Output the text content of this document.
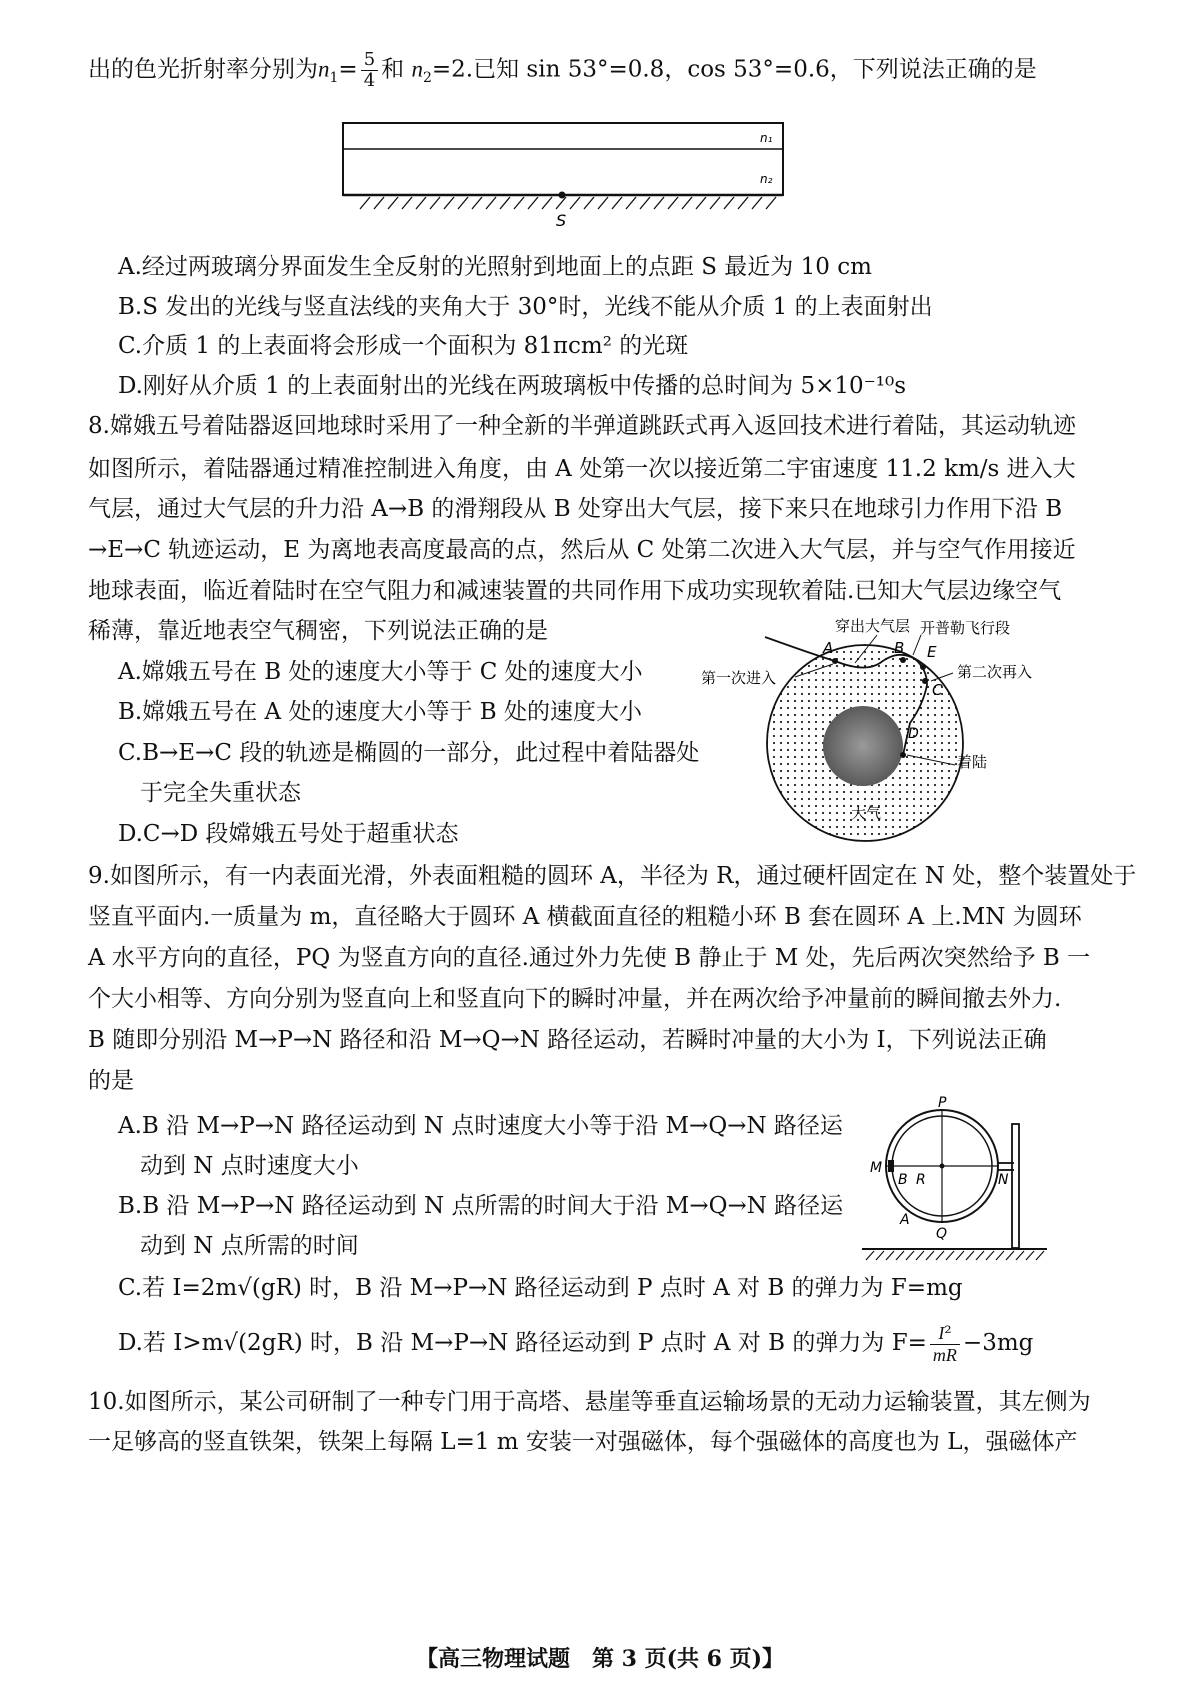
出的色光折射率分别为$n_1= \frac{5}{4}$ 和 $n_2=2$.已知 sin 53°=0.8，cos 53°=0.6，下列说法正确的是
n₁
n₂
S
A.经过两玻璃分界面发生全反射的光照射到地面上的点距 S 最近为 10 cm
B.S 发出的光线与竖直法线的夹角大于 30°时，光线不能从介质 1 的上表面射出
C.介质 1 的上表面将会形成一个面积为 81πcm² 的光斑
D.刚好从介质 1 的上表面射出的光线在两玻璃板中传播的总时间为 5×10⁻¹⁰s
8.嫦娥五号着陆器返回地球时采用了一种全新的半弹道跳跃式再入返回技术进行着陆，其运动轨迹
如图所示，着陆器通过精准控制进入角度，由 A 处第一次以接近第二宇宙速度 11.2 km/s 进入大
气层，通过大气层的升力沿 A→B 的滑翔段从 B 处穿出大气层，接下来只在地球引力作用下沿 B
→E→C 轨迹运动，E 为离地表高度最高的点，然后从 C 处第二次进入大气层，并与空气作用接近
地球表面，临近着陆时在空气阻力和减速装置的共同作用下成功实现软着陆.已知大气层边缘空气
稀薄，靠近地表空气稠密，下列说法正确的是
A.嫦娥五号在 B 处的速度大小等于 C 处的速度大小
B.嫦娥五号在 A 处的速度大小等于 B 处的速度大小
C.B→E→C 段的轨迹是椭圆的一部分，此过程中着陆器处
于完全失重状态
D.C→D 段嫦娥五号处于超重状态
穿出大气层 开普勒飞行段
第一次进入	第二次再入
着陆
大气
A	B E
C
D
9.如图所示，有一内表面光滑，外表面粗糙的圆环 A，半径为 R，通过硬杆固定在 N 处，整个装置处于
竖直平面内.一质量为 m，直径略大于圆环 A 横截面直径的粗糙小环 B 套在圆环 A 上.MN 为圆环
A 水平方向的直径，PQ 为竖直方向的直径.通过外力先使 B 静止于 M 处，先后两次突然给予 B 一
个大小相等、方向分别为竖直向上和竖直向下的瞬时冲量，并在两次给予冲量前的瞬间撤去外力.
B 随即分别沿 M→P→N 路径和沿 M→Q→N 路径运动，若瞬时冲量的大小为 I，下列说法正确
的是
A.B 沿 M→P→N 路径运动到 N 点时速度大小等于沿 M→Q→N 路径运
动到 N 点时速度大小
B.B 沿 M→P→N 路径运动到 N 点所需的时间大于沿 M→Q→N 路径运
动到 N 点所需的时间
C.若 I=2m√(gR) 时，B 沿 M→P→N 路径运动到 P 点时 A 对 B 的弹力为 F=mg
D.若 I>m√(2gR) 时，B 沿 M→P→N 路径运动到 P 点时 A 对 B 的弹力为 $F= \frac{\text{I²}}{mR} -3mg$
P
Q
M
N
B R
A
10.如图所示，某公司研制了一种专门用于高塔、悬崖等垂直运输场景的无动力运输装置，其左侧为
一足够高的竖直铁架，铁架上每隔 L=1 m 安装一对强磁体，每个强磁体的高度也为 L，强磁体产
【高三物理试题　第 3 页(共 6 页)】
